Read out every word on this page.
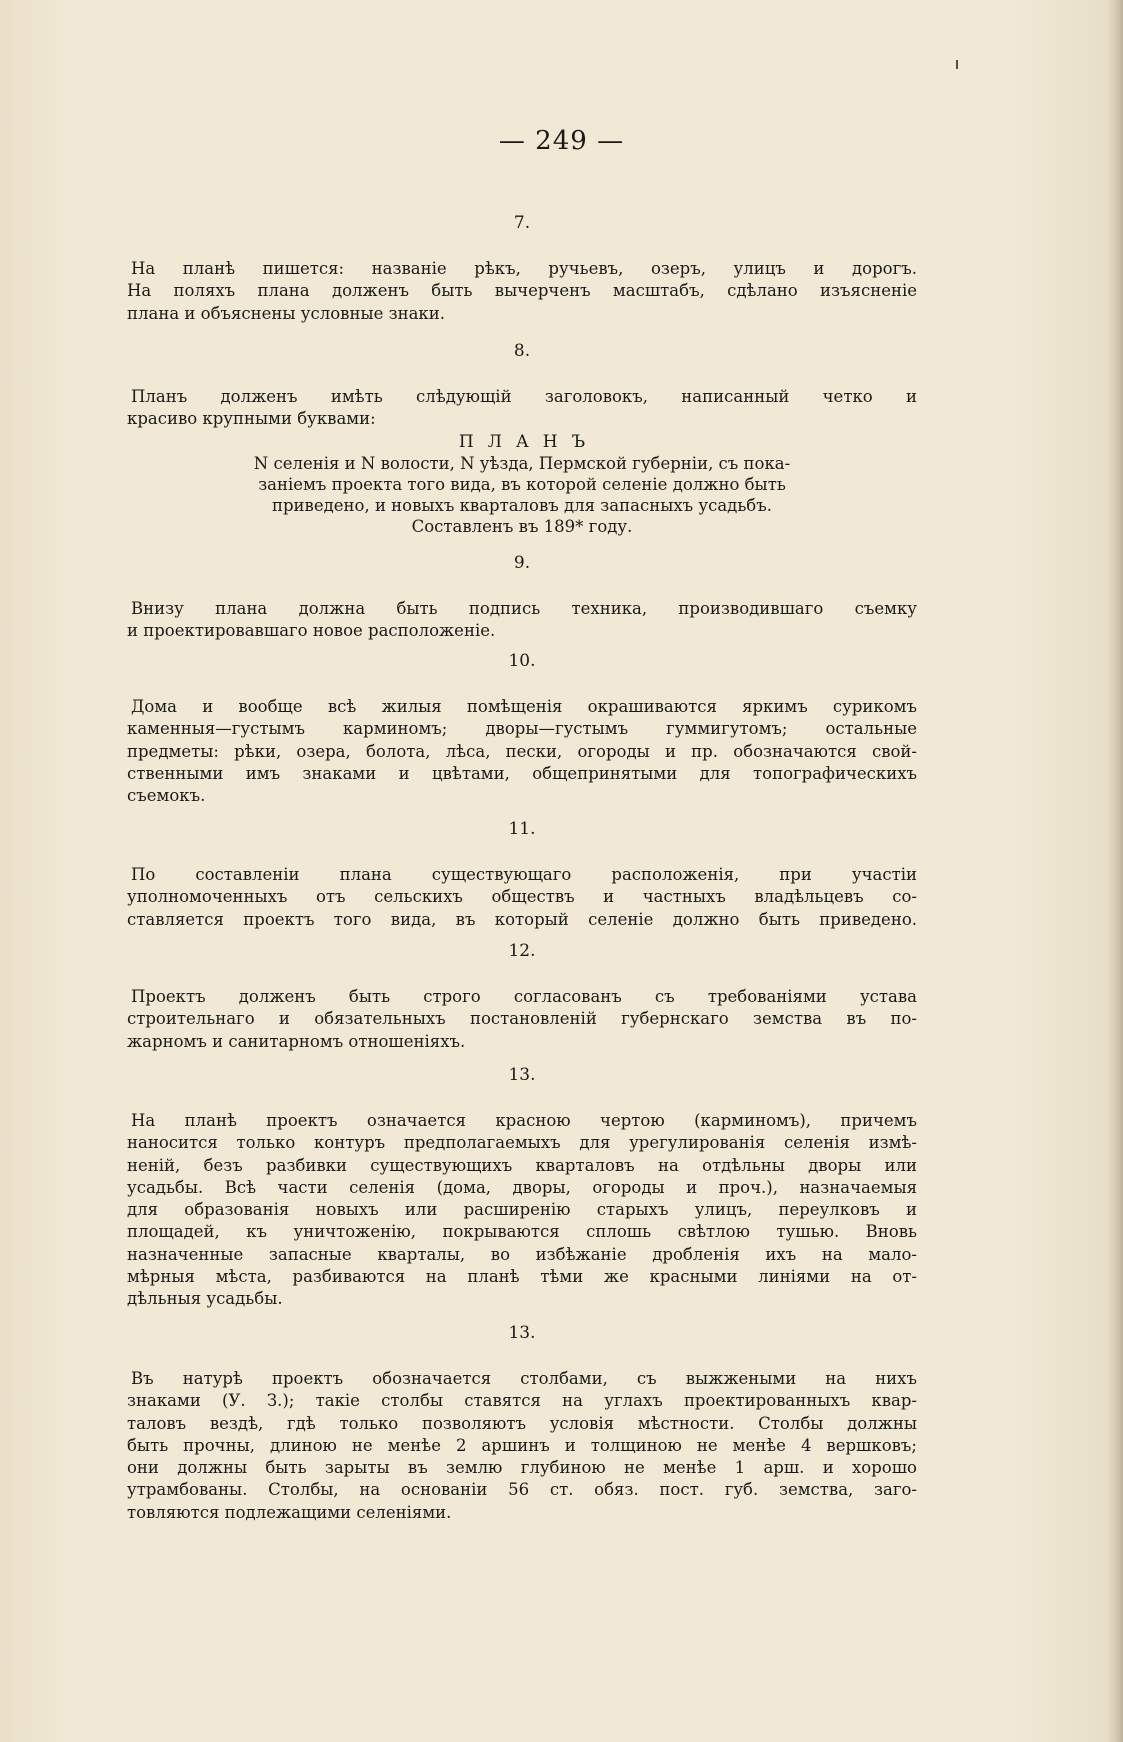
— 249 —
7.
На планѣ пишется: названіе рѣкъ, ручьевъ, озеръ, улицъ и дорогъ.
На поляхъ плана долженъ быть вычерченъ масштабъ, сдѣлано изъясненіе
плана и объяснены условные знаки.
8.
Планъ долженъ имѣть слѣдующій заголовокъ, написанный четко и
красиво крупными буквами:
ПЛАНЪ
N селенія и N волости, N уѣзда, Пермской губерніи, съ пока-
заніемъ проекта того вида, въ которой селеніе должно быть
приведено, и новыхъ кварталовъ для запасныхъ усадьбъ.
Составленъ въ 189* году.
9.
Внизу плана должна быть подпись техника, производившаго съемку
и проектировавшаго новое расположеніе.
10.
Дома и вообще всѣ жилыя помѣщенія окрашиваются яркимъ сурикомъ
каменныя—густымъ карминомъ; дворы—густымъ гуммигутомъ; остальные
предметы: рѣки, озера, болота, лѣса, пески, огороды и пр. обозначаются свой-
ственными имъ знаками и цвѣтами, общепринятыми для топографическихъ
съемокъ.
11.
По составленіи плана существующаго расположенія, при участіи
уполномоченныхъ отъ сельскихъ обществъ и частныхъ владѣльцевъ со-
ставляется проектъ того вида, въ который селеніе должно быть приведено.
12.
Проектъ долженъ быть строго согласованъ съ требованіями устава
строительнаго и обязательныхъ постановленій губернскаго земства въ по-
жарномъ и санитарномъ отношеніяхъ.
13.
На планѣ проектъ означается красною чертою (карминомъ), причемъ
наносится только контуръ предполагаемыхъ для урегулированія селенія измѣ-
неній, безъ разбивки существующихъ кварталовъ на отдѣльны дворы или
усадьбы. Всѣ части селенія (дома, дворы, огороды и проч.), назначаемыя
для образованія новыхъ или расширенію старыхъ улицъ, переулковъ и
площадей, къ уничтоженію, покрываются сплошь свѣтлою тушью. Вновь
назначенные запасные кварталы, во избѣжаніе дробленія ихъ на мало-
мѣрныя мѣста, разбиваются на планѣ тѣми же красными линіями на от-
дѣльныя усадьбы.
13.
Въ натурѣ проектъ обозначается столбами, съ выжжеными на нихъ
знаками (У. З.); такіе столбы ставятся на углахъ проектированныхъ квар-
таловъ вездѣ, гдѣ только позволяютъ условія мѣстности. Столбы должны
быть прочны, длиною не менѣе 2 аршинъ и толщиною не менѣе 4 вершковъ;
они должны быть зарыты въ землю глубиною не менѣе 1 арш. и хорошо
утрамбованы. Столбы, на основаніи 56 ст. обяз. пост. губ. земства, заго-
товляются подлежащими селеніями.
